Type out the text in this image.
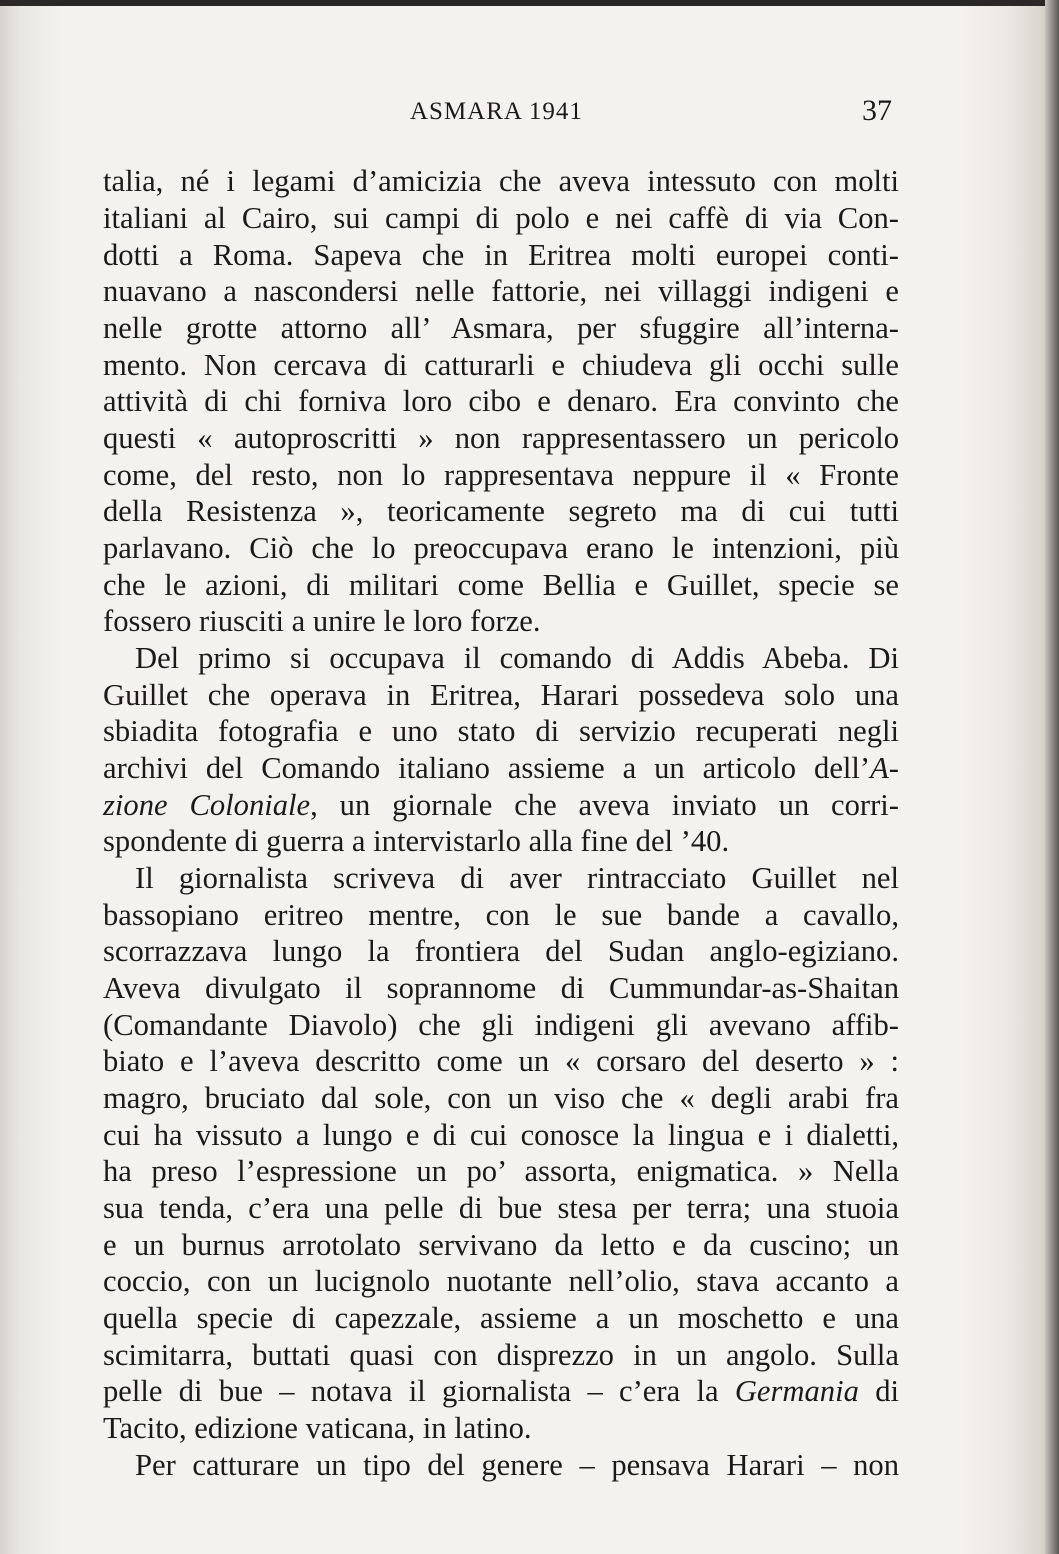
ASMARA 1941	37

talia, né i legami d’amicizia che aveva intessuto con molti

italiani al Cairo, sui campi di polo e nei caffè di via Con-

dotti a Roma. Sapeva che in Eritrea molti europei conti-

nuavano a nascondersi nelle fattorie, nei villaggi indigeni e

nelle grotte attorno all’ Asmara, per sfuggire all’interna-

mento. Non cercava di catturarli e chiudeva gli occhi sulle

attività di chi forniva loro cibo e denaro. Era convinto che

questi « autoproscritti » non rappresentassero un pericolo

come, del resto, non lo rappresentava neppure il « Fronte

della Resistenza », teoricamente segreto ma di cui tutti

parlavano. Ciò che lo preoccupava erano le intenzioni, più

che le azioni, di militari come Bellia e Guillet, specie se

fossero riusciti a unire le loro forze.

Del primo si occupava il comando di Addis Abeba. Di

Guillet che operava in Eritrea, Harari possedeva solo una

sbiadita fotografia e uno stato di servizio recuperati negli

archivi del Comando italiano assieme a un articolo dell’A-

zione Coloniale, un giornale che aveva inviato un corri-

spondente di guerra a intervistarlo alla fine del ’40.

Il giornalista scriveva di aver rintracciato Guillet nel

bassopiano eritreo mentre, con le sue bande a cavallo,

scorrazzava lungo la frontiera del Sudan anglo-egiziano.

Aveva divulgato il soprannome di Cummundar-as-Shaitan

(Comandante Diavolo) che gli indigeni gli avevano affib-

biato e l’aveva descritto come un « corsaro del deserto » :

magro, bruciato dal sole, con un viso che « degli arabi fra

cui ha vissuto a lungo e di cui conosce la lingua e i dialetti,

ha preso l’espressione un po’ assorta, enigmatica. » Nella

sua tenda, c’era una pelle di bue stesa per terra; una stuoia

e un burnus arrotolato servivano da letto e da cuscino; un

coccio, con un lucignolo nuotante nell’olio, stava accanto a

quella specie di capezzale, assieme a un moschetto e una

scimitarra, buttati quasi con disprezzo in un angolo. Sulla

pelle di bue – notava il giornalista – c’era la Germania di

Tacito, edizione vaticana, in latino.

Per catturare un tipo del genere – pensava Harari – non
